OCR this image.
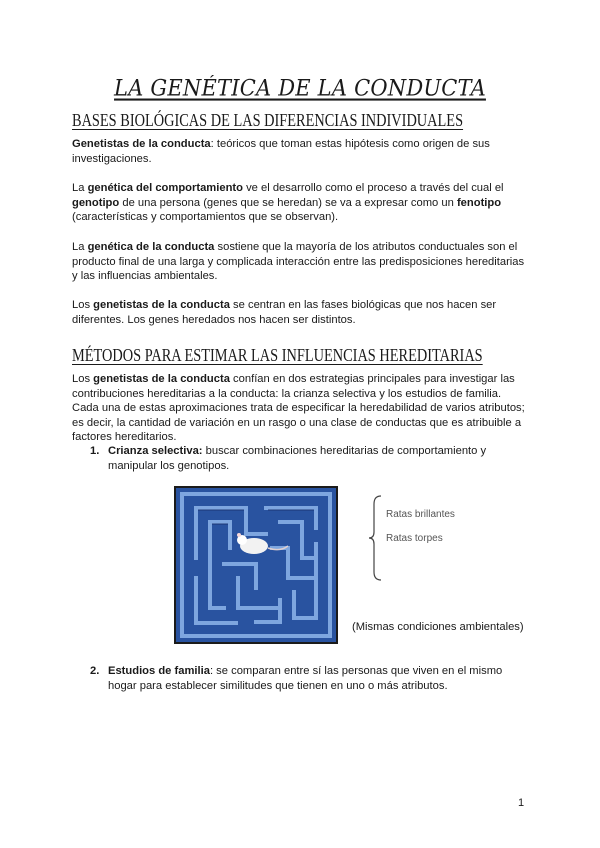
LA GENÉTICA DE LA CONDUCTA
BASES BIOLÓGICAS DE LAS DIFERENCIAS INDIVIDUALES

Genetistas de la conducta: teóricos que toman estas hipótesis como origen de sus investigaciones.

La genética del comportamiento ve el desarrollo como el proceso a través del cual el genotipo de una persona (genes que se heredan) se va a expresar como un fenotipo (características y comportamientos que se observan).

La genética de la conducta sostiene que la mayoría de los atributos conductuales son el producto final de una larga y complicada interacción entre las predisposiciones hereditarias y las influencias ambientales.

Los genetistas de la conducta se centran en las fases biológicas que nos hacen ser diferentes. Los genes heredados nos hacen ser distintos.

MÉTODOS PARA ESTIMAR LAS INFLUENCIAS HEREDITARIAS

Los genetistas de la conducta confían en dos estrategias principales para investigar las contribuciones hereditarias a la conducta: la crianza selectiva y los estudios de familia. Cada una de estas aproximaciones trata de especificar la heredabilidad de varios atributos; es decir, la cantidad de variación en un rasgo o una clase de conductas que es atribuible a factores hereditarios.

1. Crianza selectiva: buscar combinaciones hereditarias de comportamiento y manipular los genotipos.
Ratas brillantes
Ratas torpes
(Mismas condiciones ambientales)
2. Estudios de familia: se comparan entre sí las personas que viven en el mismo hogar para establecer similitudes que tienen en uno o más atributos.
1
